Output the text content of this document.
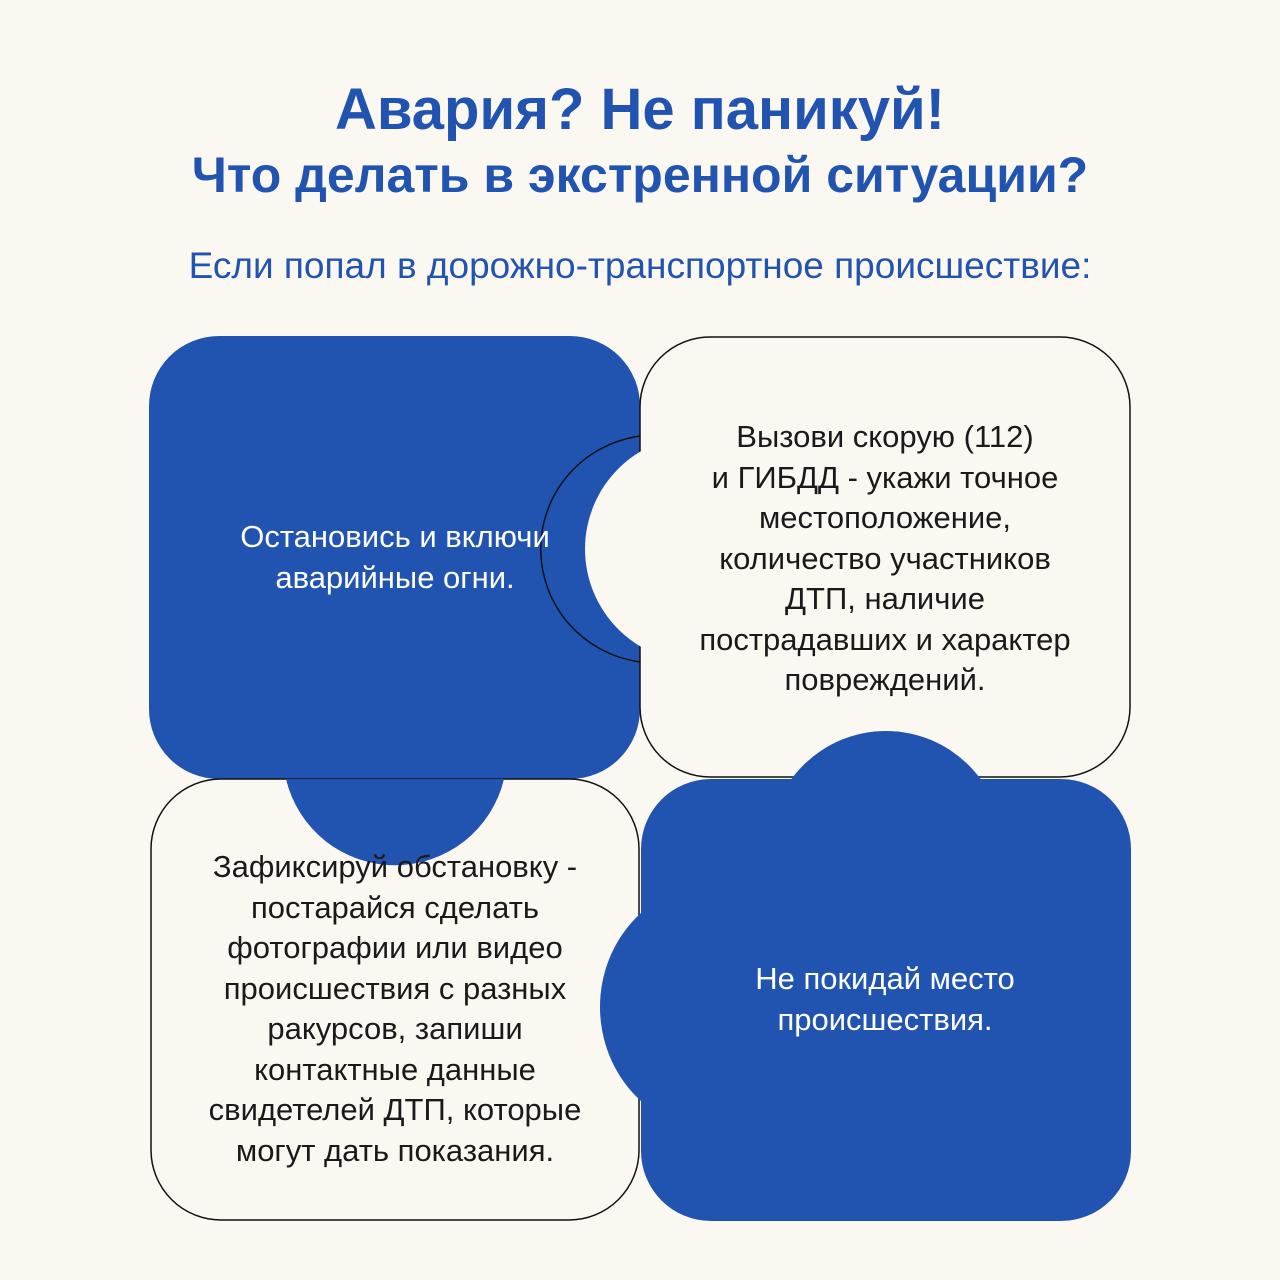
Авария? Не паникуй!
Что делать в экстренной ситуации?

Если попал в дорожно-транспортное происшествие:

Остановись и включи
аварийные огни.
Вызови скорую (112)
и ГИБДД - укажи точное
местоположение,
количество участников
ДТП, наличие
пострадавших и характер
повреждений.
Зафиксируй обстановку -
постарайся сделать
фотографии или видео
происшествия с разных
ракурсов, запиши
контактные данные
свидетелей ДТП, которые
могут дать показания.
Не покидай место
происшествия.
